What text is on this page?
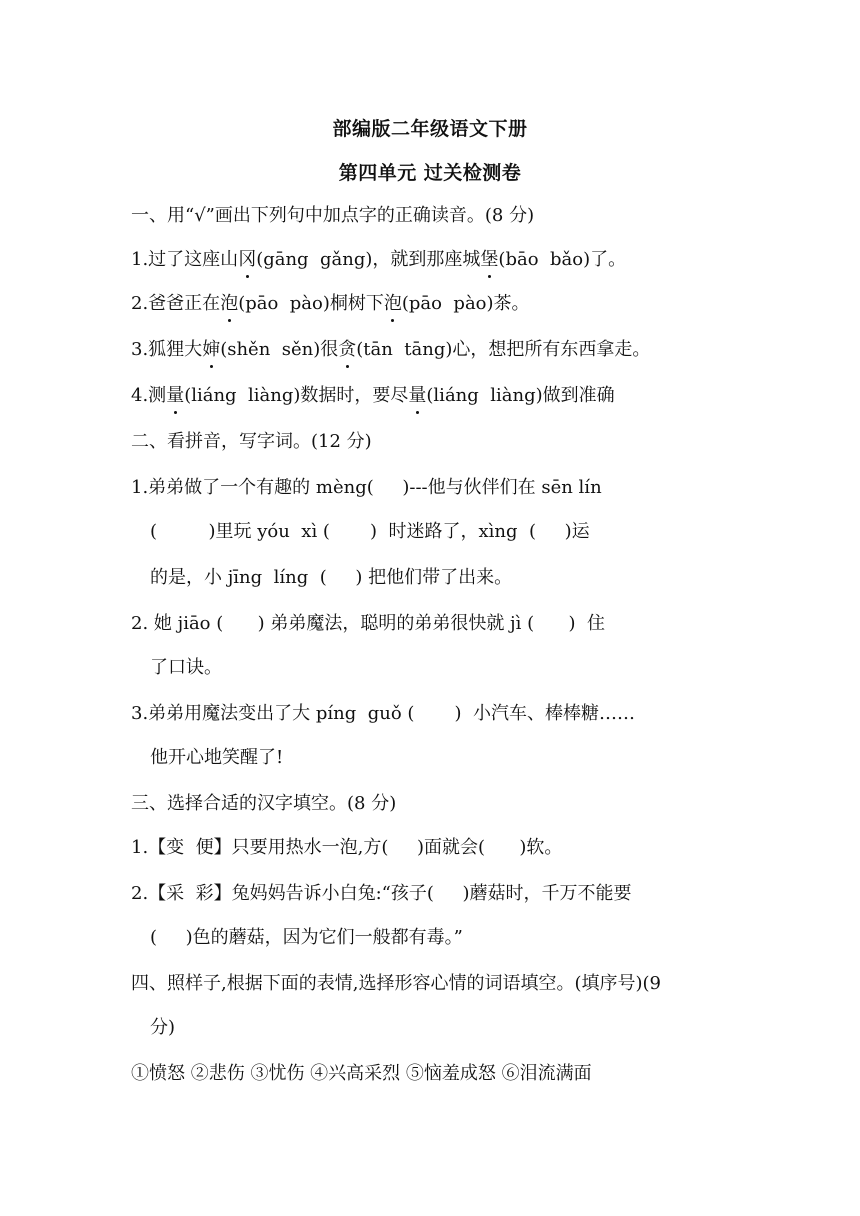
部编版二年级语文下册
第四单元 过关检测卷
一、用“√”画出下列句中加点字的正确读音。(8 分)
1.过了这座山冈(gāng  gǎng)，就到那座城堡(bāo  bǎo)了。
2.爸爸正在泡(pāo  pào)桐树下泡(pāo  pào)茶。
3.狐狸大婶(shěn  sěn)很贪(tān  tāng)心，想把所有东西拿走。
4.测量(liáng  liàng)数据时，要尽量(liáng  liàng)做到准确
二、看拼音，写字词。(12 分)
1.弟弟做了一个有趣的 mèng(     )---他与伙伴们在 sēn lín
(         )里玩 yóu  xì (       )  时迷路了，xìng  (     )运
的是，小 jīng  líng  (     ) 把他们带了出来。
2. 她 jiāo (      ) 弟弟魔法，聪明的弟弟很快就 jì (      )  住
了口诀。
3.弟弟用魔法变出了大 píng  guǒ (       )  小汽车、棒棒糖……
他开心地笑醒了!
三、选择合适的汉字填空。(8 分)
1.【变  便】只要用热水一泡,方(     )面就会(      )软。
2.【采  彩】兔妈妈告诉小白兔:“孩子(     )蘑菇时，千万不能要
(     )色的蘑菇，因为它们一般都有毒。”
四、照样子,根据下面的表情,选择形容心情的词语填空。(填序号)(9
分)
①愤怒 ②悲伤 ③忧伤 ④兴高采烈 ⑤恼羞成怒 ⑥泪流满面
